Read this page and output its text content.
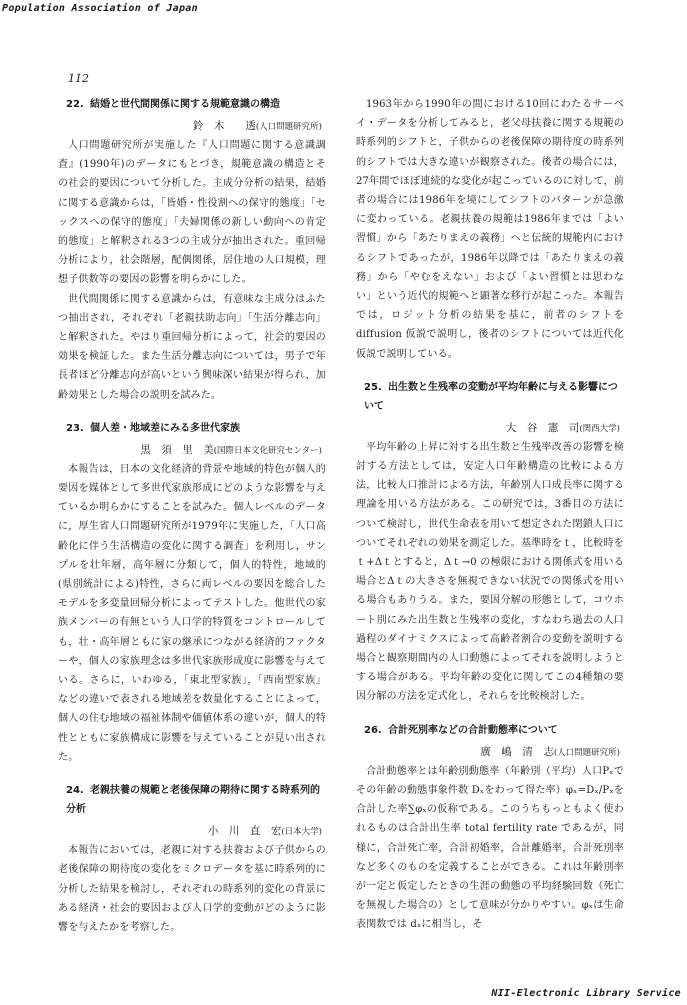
Population Association of Japan
112
22. 結婚と世代間関係に関する規範意識の構造
鈴　木　　透(人口問題研究所)

人口問題研究所が実施した『人口問題に関する意識調査』(1990年)のデータにもとづき，規範意識の構造とその社会的要因について分析した。主成分分析の結果，結婚に関する意識からは，「皆婚・性役割への保守的態度」「セックスへの保守的態度」「夫婦関係の新しい動向への肯定的態度」と解釈される3つの主成分が抽出された。重回帰分析により，社会階層，配偶関係，居住地の人口規模，理想子供数等の要因の影響を明らかにした。

世代間関係に関する意識からは，有意味な主成分はふたつ抽出され，それぞれ「老親扶助志向」「生活分離志向」と解釈された。やはり重回帰分析によって，社会的要因の効果を検証した。また生活分離志向については，男子で年長者ほど分離志向が高いという興味深い結果が得られ，加齢効果とした場合の説明を試みた。

23. 個人差・地域差にみる多世代家族
黒　須　里　美(国際日本文化研究センター)

本報告は，日本の文化経済的背景や地域的特色が個人的要因を媒体として多世代家族形成にどのような影響を与えているか明らかにすることを試みた。個人レベルのデータに，厚生省人口問題研究所が1979年に実施した，「人口高齢化に伴う生活構造の変化に関する調査」を利用し，サンプルを壮年層，高年層に分類して，個人的特性，地域的(県別統計による)特性，さらに両レベルの要因を総合したモデルを多変量回帰分析によってテストした。他世代の家族メンバーの有無という人口学的特質をコントロールしても，壮・高年層ともに家の継承につながる経済的ファクターや，個人の家族理念は多世代家族形成度に影響を与えている。さらに，いわゆる，「東北型家族」，「西南型家族」などの違いで表される地域差を数量化することによって，個人の住む地域の福祉体制や価値体系の違いが，個人的特性とともに家族構成に影響を与えていることが見い出された。

24. 老親扶養の規範と老後保障の期待に関する時系列的分析
小　川　直　宏(日本大学)

本報告においては，老親に対する扶養および子供からの老後保障の期待度の変化をミクロデータを基に時系列的に分析した結果を検討し，それぞれの時系列的変化の背景にある経済・社会的要因および人口学的変動がどのように影響を与えたかを考察した。

1963年から1990年の間における10回にわたるサーベイ・データを分析してみると，老父母扶養に関する規範の時系列的シフトと，子供からの老後保障の期待度の時系列的シフトでは大きな違いが観察された。後者の場合には，27年間でほぼ連続的な変化が起こっているのに対して，前者の場合には1986年を境にしてシフトのパターンが急激に変わっている。老親扶養の規範は1986年までは「よい習慣」から「あたりまえの義務」へと伝統的規範内におけるシフトであったが，1986年以降では「あたりまえの義務」から「やむをえない」および「よい習慣とは思わない」という近代的規範へと顕著な移行が起こった。本報告では，ロジット分析の結果を基に，前者のシフトを diffusion 仮説で説明し，後者のシフトについては近代化仮説で説明している。

25. 出生数と生残率の変動が平均年齢に与える影響について
大　谷　憲　司(関西大学)

平均年齢の上昇に対する出生数と生残率改善の影響を検討する方法としては，安定人口年齢構造の比較による方法，比較人口推計による方法，年齢別人口成長率に関する理論を用いる方法がある。この研究では，3番目の方法について検討し，世代生命表を用いて想定された閉鎖人口についてそれぞれの効果を測定した。基準時をｔ，比較時をｔ+Δｔとすると，Δｔ→0 の極限における関係式を用いる場合とΔｔの大きさを無視できない状況での関係式を用いる場合もありうる。また，要因分解の形態として，コウホート別にみた出生数と生残率の変化，すなわち過去の人口過程のダイナミクスによって高齢者割合の変動を説明する場合と観察期間内の人口動態によってそれを説明しようとする場合がある。平均年齢の変化に関してこの4種類の要因分解の方法を定式化し，それらを比較検討した。

26. 合計死別率などの合計動態率について
廣　嶋　清　志(人口問題研究所)

合計動態率とは年齢別動態率（年齢別（平均）人口Pₓでその年齢の動態事象件数 Dₓをわって得た率）φₓ=Dₓ/Pₓを合計した率∑φₓの仮称である。このうちもっともよく使われるものは合計出生率 total fertility rate であるが，同様に，合計死亡率，合計初婚率，合計離婚率，合計死別率など多くのものを定義することができる。これは年齢別率が一定と仮定したときの生涯の動態の平均経験回数（死亡を無視した場合の）として意味が分かりやすい。φₓは生命表関数では dₓに相当し，そ

NII-Electronic Library Service
